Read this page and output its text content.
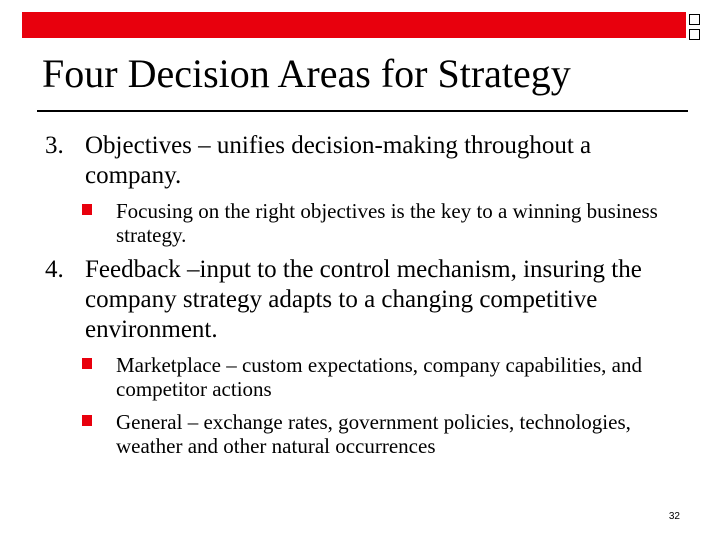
Four Decision Areas for Strategy
3. Objectives – unifies decision-making throughout a company.
Focusing on the right objectives is the key to a winning business strategy.
4. Feedback –input to the control mechanism, insuring the company strategy adapts to a changing competitive environment.
Marketplace – custom expectations, company capabilities, and competitor actions
General – exchange rates, government policies, technologies, weather and other natural occurrences
32
